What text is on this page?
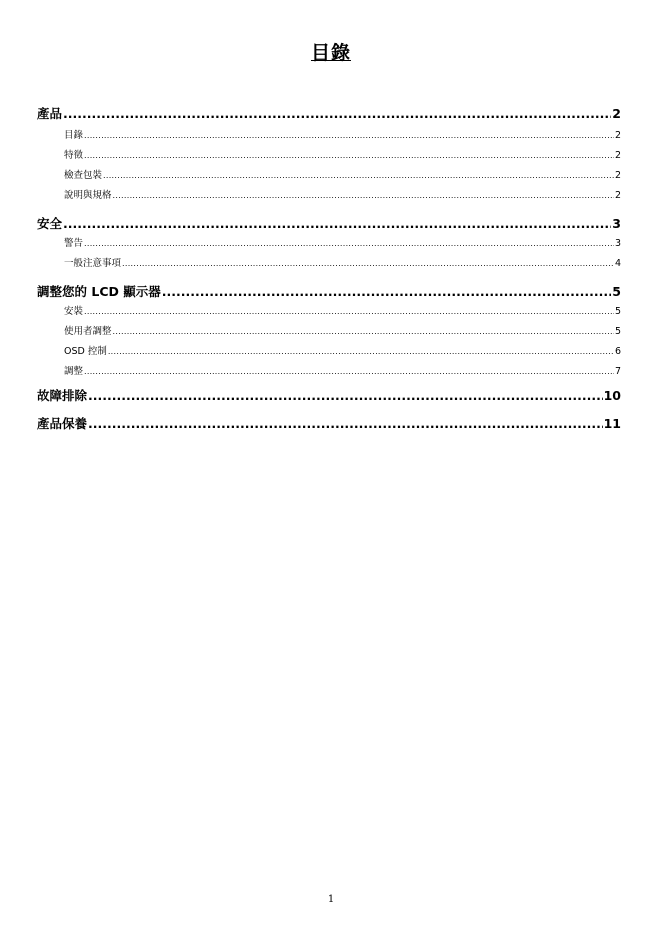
目錄
產品 .....	2
目錄 .....	2
特徵 .....	2
檢查包裝 .....	2
說明與規格 .....	2
安全 .....	3
警告 .....	3
一般注意事項 .....	4
調整您的 LCD 顯示器 .....	5
安裝 .....	5
使用者調整 .....	5
OSD 控制 .....	6
調整 .....	7
故障排除 .....	10
產品保養 .....	11
1
